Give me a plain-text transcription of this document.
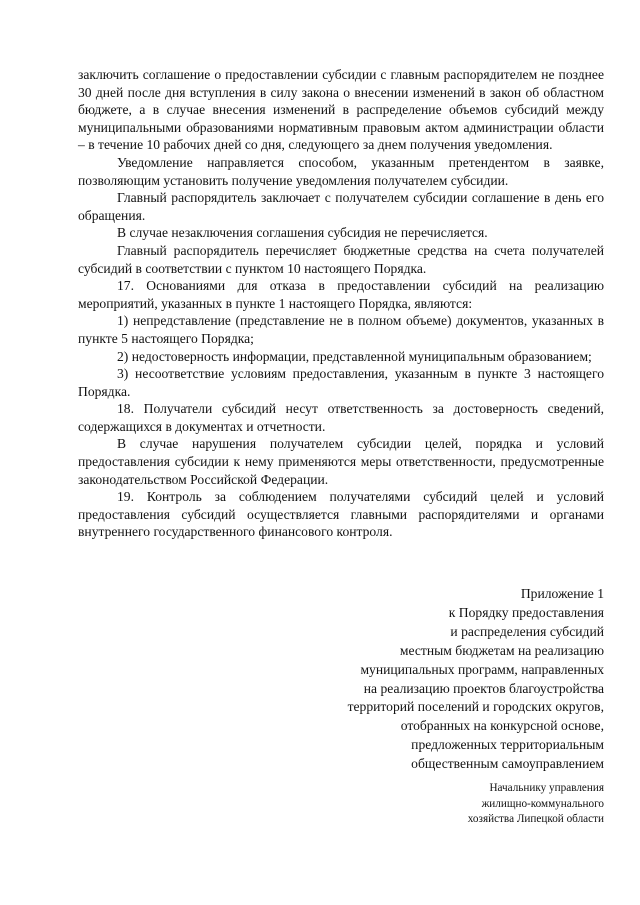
заключить соглашение о предоставлении субсидии с главным распорядителем не позднее 30 дней после дня вступления в силу закона о внесении изменений в закон об областном бюджете, а в случае внесения изменений в распределение объемов субсидий между муниципальными образованиями нормативным правовым актом администрации области – в течение 10 рабочих дней со дня, следующего за днем получения уведомления.

Уведомление направляется способом, указанным претендентом в заявке, позволяющим установить получение уведомления получателем субсидии.

Главный распорядитель заключает с получателем субсидии соглашение в день его обращения.

В случае незаключения соглашения субсидия не перечисляется.

Главный распорядитель перечисляет бюджетные средства на счета получателей субсидий в соответствии с пунктом 10 настоящего Порядка.

17. Основаниями для отказа в предоставлении субсидий на реализацию мероприятий, указанных в пункте 1 настоящего Порядка, являются:

1) непредставление (представление не в полном объеме) документов, указанных в пункте 5 настоящего Порядка;

2) недостоверность информации, представленной муниципальным образованием;

3) несоответствие условиям предоставления, указанным в пункте 3 настоящего Порядка.

18. Получатели субсидий несут ответственность за достоверность сведений, содержащихся в документах и отчетности.

В случае нарушения получателем субсидии целей, порядка и условий предоставления субсидии к нему применяются меры ответственности, предусмотренные законодательством Российской Федерации.

19. Контроль за соблюдением получателями субсидий целей и условий предоставления субсидий осуществляется главными распорядителями и органами внутреннего государственного финансового контроля.

Приложение 1
к Порядку предоставления
и распределения субсидий
местным бюджетам на реализацию
муниципальных программ, направленных
на реализацию проектов благоустройства
территорий поселений и городских округов,
отобранных на конкурсной основе,
предложенных территориальным
общественным самоуправлением
Начальнику управления
жилищно-коммунального
хозяйства Липецкой области
